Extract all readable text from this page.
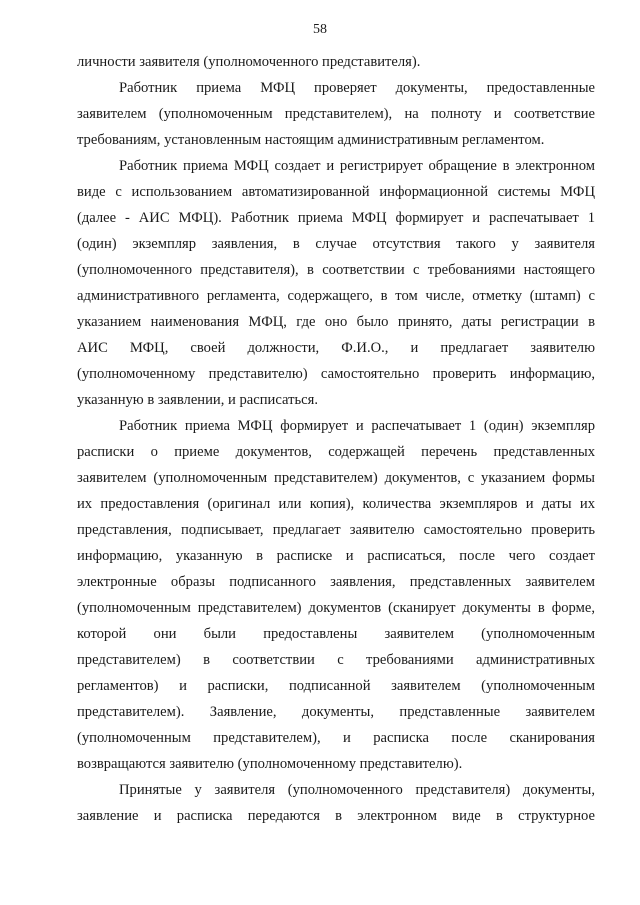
58
личности заявителя (уполномоченного представителя).
Работник приема МФЦ проверяет документы, предоставленные
заявителем (уполномоченным представителем), на полноту и соответствие
требованиям, установленным настоящим административным регламентом.
Работник приема МФЦ создает и регистрирует обращение в электронном
виде с использованием автоматизированной информационной системы МФЦ
(далее - АИС МФЦ). Работник приема МФЦ формирует и распечатывает 1
(один) экземпляр заявления, в случае отсутствия такого у заявителя
(уполномоченного представителя), в соответствии с требованиями настоящего
административного регламента, содержащего, в том числе, отметку (штамп) с
указанием наименования МФЦ, где оно было принято, даты регистрации в
АИС МФЦ, своей должности, Ф.И.О., и предлагает заявителю
(уполномоченному представителю) самостоятельно проверить информацию,
указанную в заявлении, и расписаться.
Работник приема МФЦ формирует и распечатывает 1 (один) экземпляр
расписки о приеме документов, содержащей перечень представленных
заявителем (уполномоченным представителем) документов, с указанием формы
их предоставления (оригинал или копия), количества экземпляров и даты их
представления, подписывает, предлагает заявителю самостоятельно проверить
информацию, указанную в расписке и расписаться, после чего создает
электронные образы подписанного заявления, представленных заявителем
(уполномоченным представителем) документов (сканирует документы в форме,
которой они были предоставлены заявителем (уполномоченным
представителем) в соответствии с требованиями административных
регламентов) и расписки, подписанной заявителем (уполномоченным
представителем). Заявление, документы, представленные заявителем
(уполномоченным представителем), и расписка после сканирования
возвращаются заявителю (уполномоченному представителю).
Принятые у заявителя (уполномоченного представителя) документы,
заявление и расписка передаются в электронном виде в структурное
